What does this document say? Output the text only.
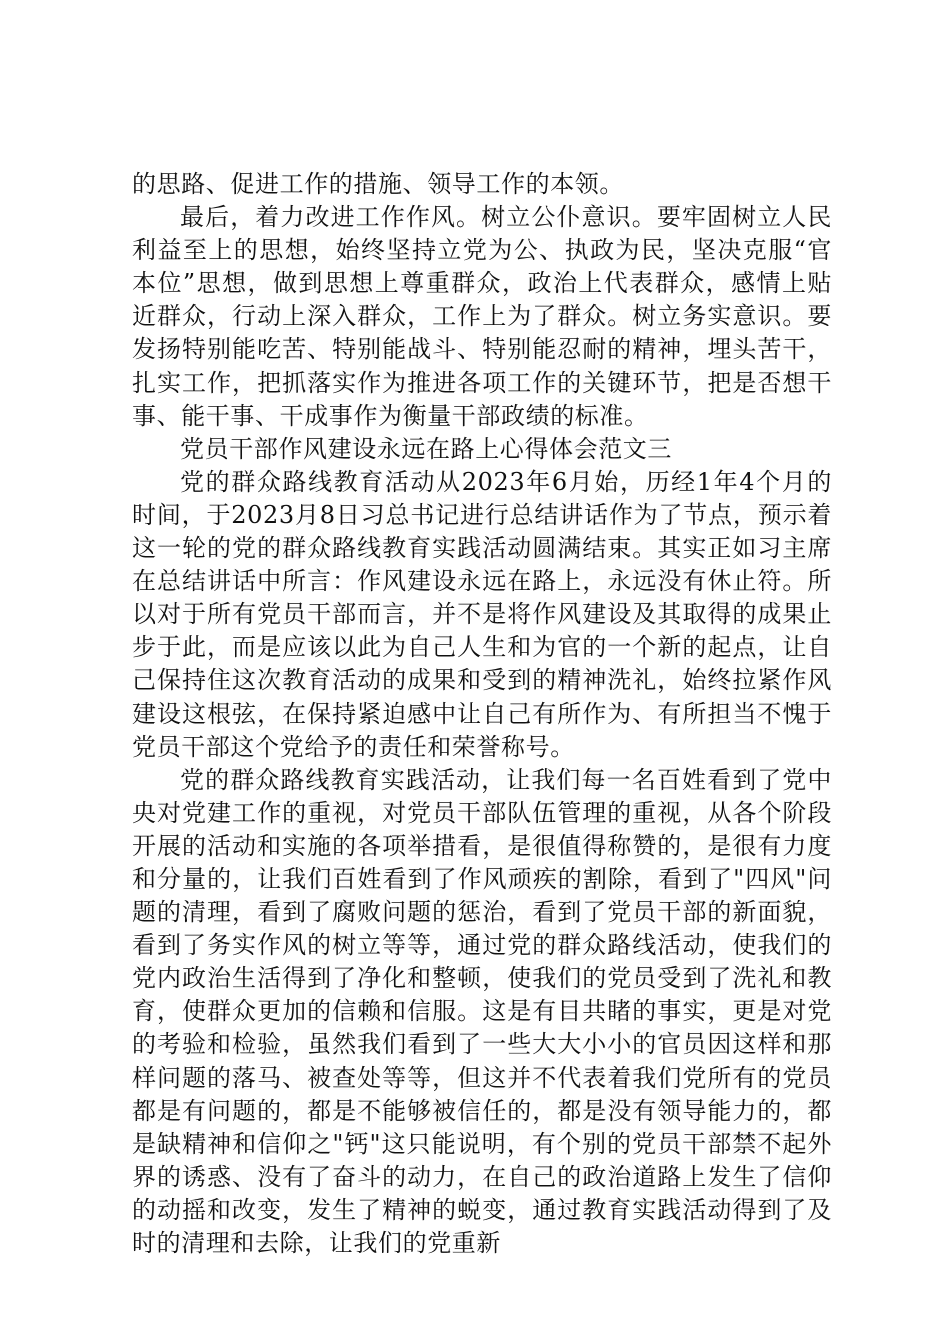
的思路、促进工作的措施、领导工作的本领。

最后，着力改进工作作风。树立公仆意识。要牢固树立人民利益至上的思想，始终坚持立党为公、执政为民，坚决克服“官本位”思想，做到思想上尊重群众，政治上代表群众，感情上贴近群众，行动上深入群众，工作上为了群众。树立务实意识。要发扬特别能吃苦、特别能战斗、特别能忍耐的精神，埋头苦干，扎实工作，把抓落实作为推进各项工作的关键环节，把是否想干事、能干事、干成事作为衡量干部政绩的标准。

党员干部作风建设永远在路上心得体会范文三

党的群众路线教育活动从2023年6月始，历经1年4个月的时间，于2023月8日习总书记进行总结讲话作为了节点，预示着这一轮的党的群众路线教育实践活动圆满结束。其实正如习主席在总结讲话中所言：作风建设永远在路上，永远没有休止符。所以对于所有党员干部而言，并不是将作风建设及其取得的成果止步于此，而是应该以此为自己人生和为官的一个新的起点，让自己保持住这次教育活动的成果和受到的精神洗礼，始终拉紧作风建设这根弦，在保持紧迫感中让自己有所作为、有所担当不愧于党员干部这个党给予的责任和荣誉称号。

党的群众路线教育实践活动，让我们每一名百姓看到了党中央对党建工作的重视，对党员干部队伍管理的重视，从各个阶段开展的活动和实施的各项举措看，是很值得称赞的，是很有力度和分量的，让我们百姓看到了作风顽疾的割除，看到了"四风"问题的清理，看到了腐败问题的惩治，看到了党员干部的新面貌，看到了务实作风的树立等等，通过党的群众路线活动，使我们的党内政治生活得到了净化和整顿，使我们的党员受到了洗礼和教育，使群众更加的信赖和信服。这是有目共睹的事实，更是对党的考验和检验，虽然我们看到了一些大大小小的官员因这样和那样问题的落马、被查处等等，但这并不代表着我们党所有的党员都是有问题的，都是不能够被信任的，都是没有领导能力的，都是缺精神和信仰之"钙"这只能说明，有个别的党员干部禁不起外界的诱惑、没有了奋斗的动力，在自己的政治道路上发生了信仰的动摇和改变，发生了精神的蜕变，通过教育实践活动得到了及时的清理和去除，让我们的党重新
